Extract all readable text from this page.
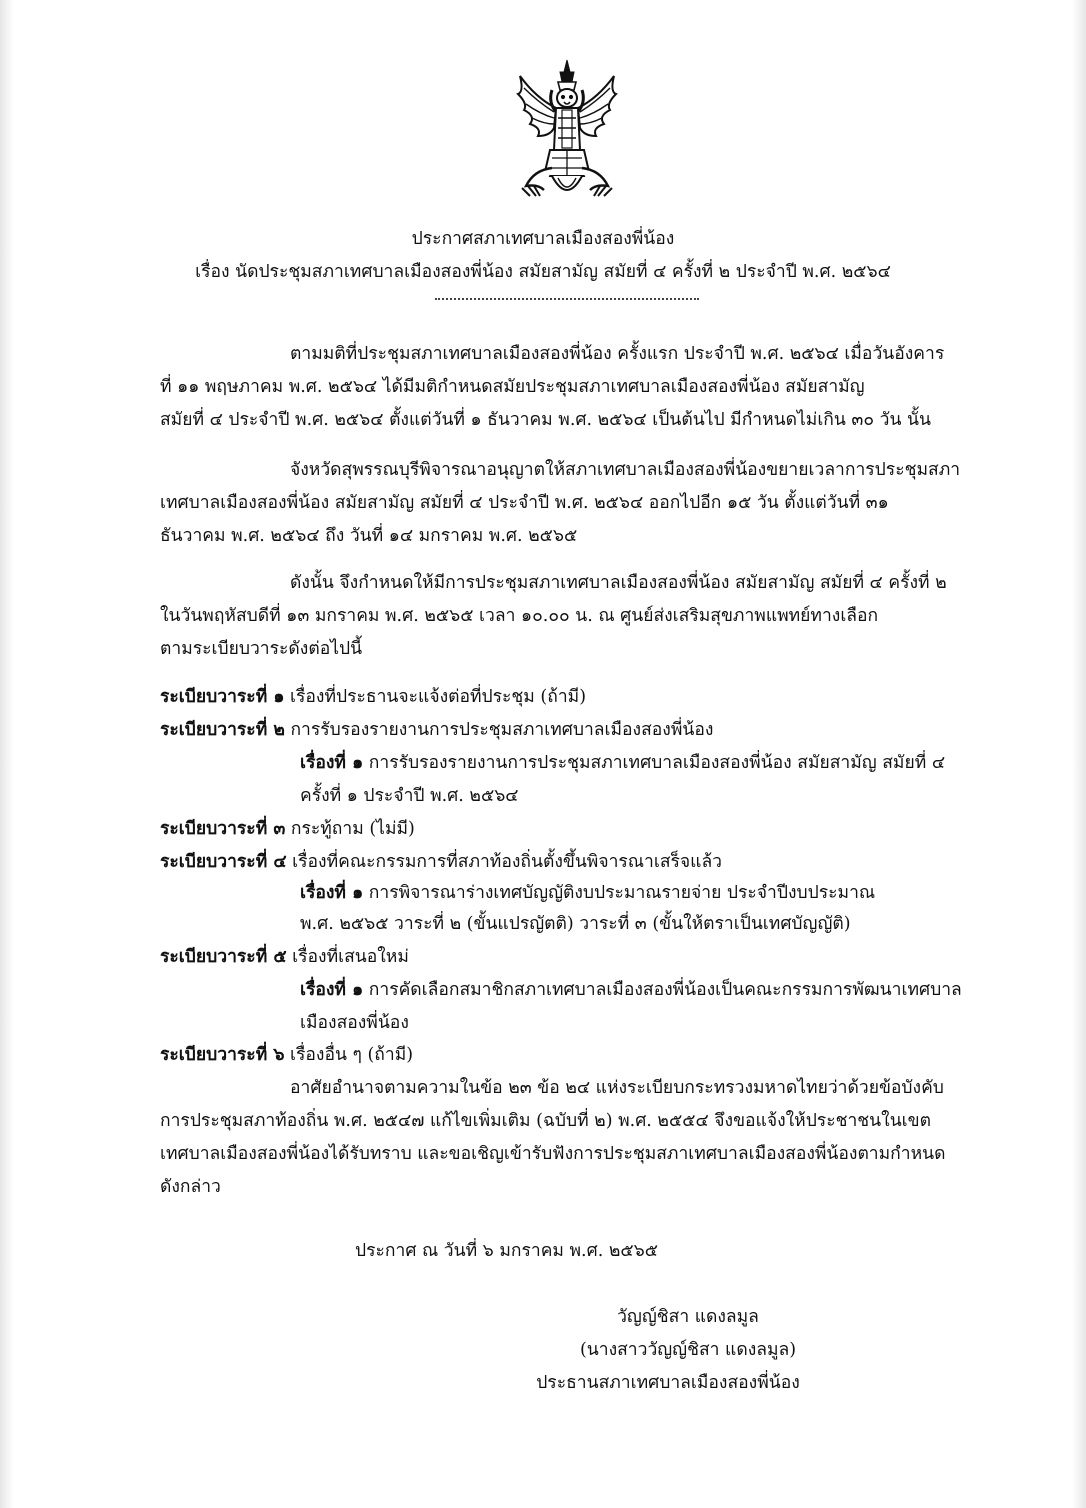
ประกาศสภาเทศบาลเมืองสองพี่น้อง
เรื่อง นัดประชุมสภาเทศบาลเมืองสองพี่น้อง สมัยสามัญ สมัยที่ ๔ ครั้งที่ ๒ ประจำปี พ.ศ. ๒๕๖๔
ตามมติที่ประชุมสภาเทศบาลเมืองสองพี่น้อง ครั้งแรก ประจำปี พ.ศ. ๒๕๖๔ เมื่อวันอังคาร
ที่ ๑๑ พฤษภาคม พ.ศ. ๒๕๖๔ ได้มีมติกำหนดสมัยประชุมสภาเทศบาลเมืองสองพี่น้อง สมัยสามัญ
สมัยที่ ๔ ประจำปี พ.ศ. ๒๕๖๔ ตั้งแต่วันที่ ๑ ธันวาคม พ.ศ. ๒๕๖๔ เป็นต้นไป มีกำหนดไม่เกิน ๓๐ วัน นั้น
จังหวัดสุพรรณบุรีพิจารณาอนุญาตให้สภาเทศบาลเมืองสองพี่น้องขยายเวลาการประชุมสภา
เทศบาลเมืองสองพี่น้อง สมัยสามัญ สมัยที่ ๔ ประจำปี พ.ศ. ๒๕๖๔ ออกไปอีก ๑๕ วัน ตั้งแต่วันที่ ๓๑
ธันวาคม พ.ศ. ๒๕๖๔ ถึง วันที่ ๑๔ มกราคม พ.ศ. ๒๕๖๕
ดังนั้น จึงกำหนดให้มีการประชุมสภาเทศบาลเมืองสองพี่น้อง สมัยสามัญ สมัยที่ ๔ ครั้งที่ ๒
ในวันพฤหัสบดีที่ ๑๓ มกราคม พ.ศ. ๒๕๖๕ เวลา ๑๐.๐๐ น. ณ ศูนย์ส่งเสริมสุขภาพแพทย์ทางเลือก
ตามระเบียบวาระดังต่อไปนี้
ระเบียบวาระที่ ๑ เรื่องที่ประธานจะแจ้งต่อที่ประชุม (ถ้ามี)
ระเบียบวาระที่ ๒ การรับรองรายงานการประชุมสภาเทศบาลเมืองสองพี่น้อง
เรื่องที่ ๑ การรับรองรายงานการประชุมสภาเทศบาลเมืองสองพี่น้อง สมัยสามัญ สมัยที่ ๔
ครั้งที่ ๑ ประจำปี พ.ศ. ๒๕๖๔
ระเบียบวาระที่ ๓ กระทู้ถาม (ไม่มี)
ระเบียบวาระที่ ๔ เรื่องที่คณะกรรมการที่สภาท้องถิ่นตั้งขึ้นพิจารณาเสร็จแล้ว
เรื่องที่ ๑ การพิจารณาร่างเทศบัญญัติงบประมาณรายจ่าย ประจำปีงบประมาณ
พ.ศ. ๒๕๖๕ วาระที่ ๒ (ขั้นแปรญัตติ) วาระที่ ๓ (ขั้นให้ตราเป็นเทศบัญญัติ)
ระเบียบวาระที่ ๕ เรื่องที่เสนอใหม่
เรื่องที่ ๑ การคัดเลือกสมาชิกสภาเทศบาลเมืองสองพี่น้องเป็นคณะกรรมการพัฒนาเทศบาล
เมืองสองพี่น้อง
ระเบียบวาระที่ ๖ เรื่องอื่น ๆ (ถ้ามี)
อาศัยอำนาจตามความในข้อ ๒๓ ข้อ ๒๔ แห่งระเบียบกระทรวงมหาดไทยว่าด้วยข้อบังคับ
การประชุมสภาท้องถิ่น พ.ศ. ๒๕๔๗ แก้ไขเพิ่มเติม (ฉบับที่ ๒) พ.ศ. ๒๕๕๔ จึงขอแจ้งให้ประชาชนในเขต
เทศบาลเมืองสองพี่น้องได้รับทราบ และขอเชิญเข้ารับฟังการประชุมสภาเทศบาลเมืองสองพี่น้องตามกำหนด
ดังกล่าว
ประกาศ ณ วันที่ ๖ มกราคม พ.ศ. ๒๕๖๕
วัญญ์ชิสา แดงลมูล
(นางสาววัญญ์ชิสา แดงลมูล)
ประธานสภาเทศบาลเมืองสองพี่น้อง
